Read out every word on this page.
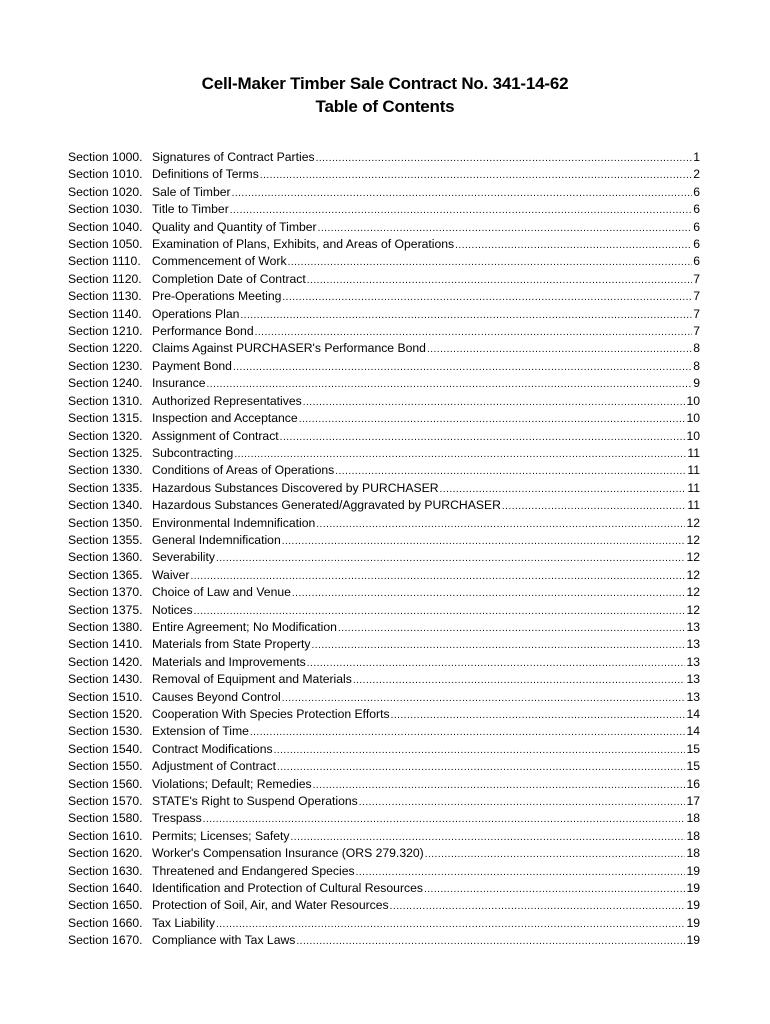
Cell-Maker Timber Sale Contract No. 341-14-62
Table of Contents
Section 1000. Signatures of Contract Parties .....	1
Section 1010. Definitions of Terms .....	2
Section 1020. Sale of Timber .....	6
Section 1030. Title to Timber .....	6
Section 1040. Quality and Quantity of Timber .....	6
Section 1050. Examination of Plans, Exhibits, and Areas of Operations .....	6
Section 1110. Commencement of Work .....	6
Section 1120. Completion Date of Contract .....	7
Section 1130. Pre-Operations Meeting .....	7
Section 1140. Operations Plan .....	7
Section 1210. Performance Bond .....	7
Section 1220. Claims Against PURCHASER's Performance Bond .....	8
Section 1230. Payment Bond .....	8
Section 1240. Insurance .....	9
Section 1310. Authorized Representatives .....	10
Section 1315. Inspection and Acceptance .....	10
Section 1320. Assignment of Contract .....	10
Section 1325. Subcontracting .....	11
Section 1330. Conditions of Areas of Operations .....	11
Section 1335. Hazardous Substances Discovered by PURCHASER .....	11
Section 1340. Hazardous Substances Generated/Aggravated by PURCHASER .....	11
Section 1350. Environmental Indemnification .....	12
Section 1355. General Indemnification .....	12
Section 1360. Severability .....	12
Section 1365. Waiver .....	12
Section 1370. Choice of Law and Venue .....	12
Section 1375. Notices .....	12
Section 1380. Entire Agreement; No Modification .....	13
Section 1410. Materials from State Property .....	13
Section 1420. Materials and Improvements .....	13
Section 1430. Removal of Equipment and Materials .....	13
Section 1510. Causes Beyond Control .....	13
Section 1520. Cooperation With Species Protection Efforts .....	14
Section 1530. Extension of Time .....	14
Section 1540. Contract Modifications .....	15
Section 1550. Adjustment of Contract .....	15
Section 1560. Violations; Default; Remedies .....	16
Section 1570. STATE's Right to Suspend Operations .....	17
Section 1580. Trespass .....	18
Section 1610. Permits; Licenses; Safety .....	18
Section 1620. Worker's Compensation Insurance (ORS 279.320) .....	18
Section 1630. Threatened and Endangered Species .....	19
Section 1640. Identification and Protection of Cultural Resources .....	19
Section 1650. Protection of Soil, Air, and Water Resources .....	19
Section 1660. Tax Liability .....	19
Section 1670. Compliance with Tax Laws .....	19
